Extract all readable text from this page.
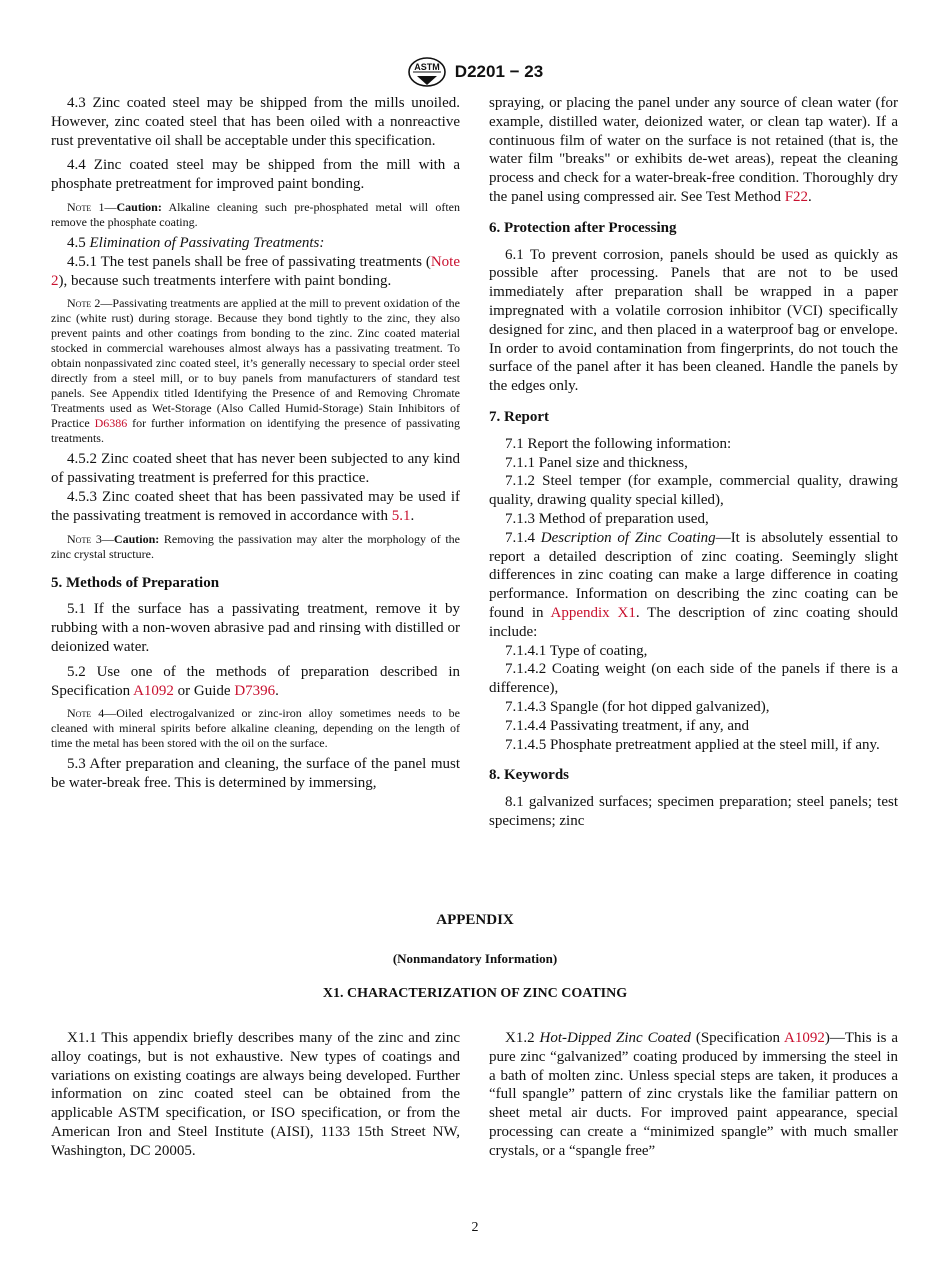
ASTM D2201 − 23

4.3 Zinc coated steel may be shipped from the mills unoiled. However, zinc coated steel that has been oiled with a nonreactive rust preventative oil shall be acceptable under this specification.

4.4 Zinc coated steel may be shipped from the mill with a phosphate pretreatment for improved paint bonding.

Note 1—Caution: Alkaline cleaning such pre-phosphated metal will often remove the phosphate coating.

4.5 Elimination of Passivating Treatments:

4.5.1 The test panels shall be free of passivating treatments (Note 2), because such treatments interfere with paint bonding.

Note 2—Passivating treatments are applied at the mill to prevent oxidation of the zinc (white rust) during storage. Because they bond tightly to the zinc, they also prevent paints and other coatings from bonding to the zinc. Zinc coated material stocked in commercial warehouses almost always has a passivating treatment. To obtain nonpassivated zinc coated steel, it’s generally necessary to special order steel directly from a steel mill, or to buy panels from manufacturers of standard test panels. See Appendix titled Identifying the Presence of and Removing Chromate Treatments used as Wet-Storage (Also Called Humid-Storage) Stain Inhibitors of Practice D6386 for further information on identifying the presence of passivating treatments.

4.5.2 Zinc coated sheet that has never been subjected to any kind of passivating treatment is preferred for this practice.

4.5.3 Zinc coated sheet that has been passivated may be used if the passivating treatment is removed in accordance with 5.1.

Note 3—Caution: Removing the passivation may alter the morphology of the zinc crystal structure.

5. Methods of Preparation

5.1 If the surface has a passivating treatment, remove it by rubbing with a non-woven abrasive pad and rinsing with distilled or deionized water.

5.2 Use one of the methods of preparation described in Specification A1092 or Guide D7396.

Note 4—Oiled electrogalvanized or zinc-iron alloy sometimes needs to be cleaned with mineral spirits before alkaline cleaning, depending on the length of time the metal has been stored with the oil on the surface.

5.3 After preparation and cleaning, the surface of the panel must be water-break free. This is determined by immersing,

spraying, or placing the panel under any source of clean water (for example, distilled water, deionized water, or clean tap water). If a continuous film of water on the surface is not retained (that is, the water film "breaks" or exhibits de-wet areas), repeat the cleaning process and check for a water-break-free condition. Thoroughly dry the panel using compressed air. See Test Method F22.

6. Protection after Processing

6.1 To prevent corrosion, panels should be used as quickly as possible after processing. Panels that are not to be used immediately after preparation shall be wrapped in a paper impregnated with a volatile corrosion inhibitor (VCI) specifically designed for zinc, and then placed in a waterproof bag or envelope. In order to avoid contamination from fingerprints, do not touch the surface of the panel after it has been cleaned. Handle the panels by the edges only.

7. Report

7.1 Report the following information:

7.1.1 Panel size and thickness,

7.1.2 Steel temper (for example, commercial quality, drawing quality, drawing quality special killed),

7.1.3 Method of preparation used,

7.1.4 Description of Zinc Coating—It is absolutely essential to report a detailed description of zinc coating. Seemingly slight differences in zinc coating can make a large difference in coating performance. Information on describing the zinc coating can be found in Appendix X1. The description of zinc coating should include:

7.1.4.1 Type of coating,

7.1.4.2 Coating weight (on each side of the panels if there is a difference),

7.1.4.3 Spangle (for hot dipped galvanized),

7.1.4.4 Passivating treatment, if any, and

7.1.4.5 Phosphate pretreatment applied at the steel mill, if any.

8. Keywords

8.1 galvanized surfaces; specimen preparation; steel panels; test specimens; zinc

APPENDIX
(Nonmandatory Information)
X1. CHARACTERIZATION OF ZINC COATING

X1.1 This appendix briefly describes many of the zinc and zinc alloy coatings, but is not exhaustive. New types of coatings and variations on existing coatings are always being developed. Further information on zinc coated steel can be obtained from the applicable ASTM specification, or ISO specification, or from the American Iron and Steel Institute (AISI), 1133 15th Street NW, Washington, DC 20005.

X1.2 Hot-Dipped Zinc Coated (Specification A1092)—This is a pure zinc “galvanized” coating produced by immersing the steel in a bath of molten zinc. Unless special steps are taken, it produces a “full spangle” pattern of zinc crystals like the familiar pattern on sheet metal air ducts. For improved paint appearance, special processing can create a “minimized spangle” with much smaller crystals, or a “spangle free”

2
